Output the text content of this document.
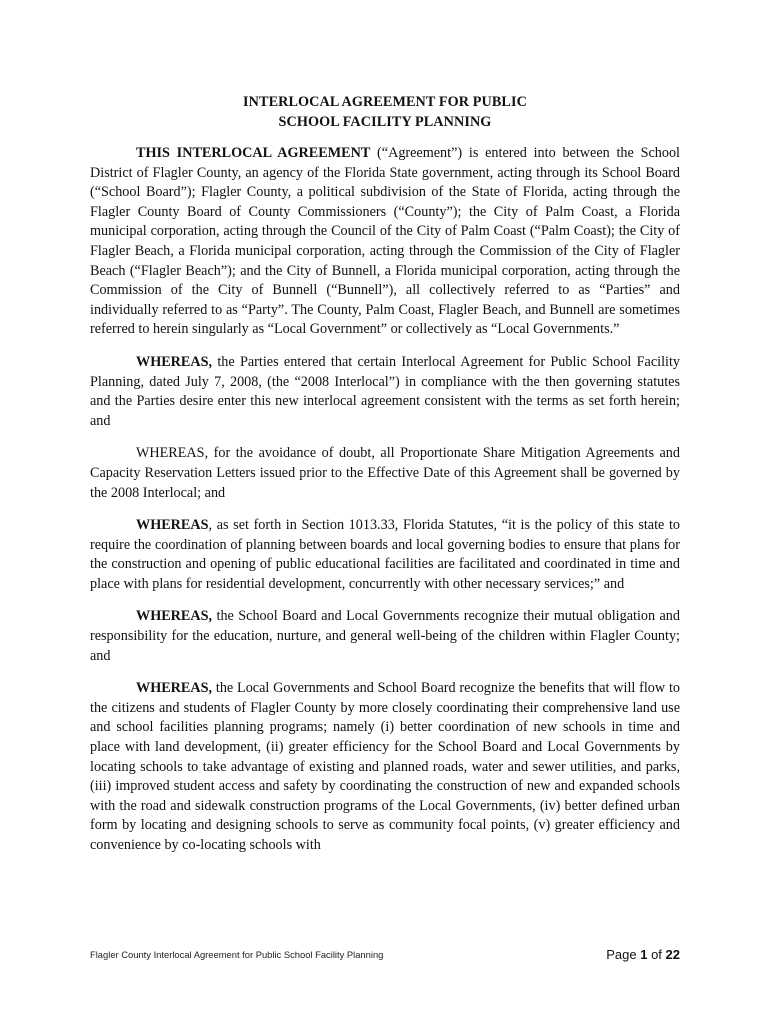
INTERLOCAL AGREEMENT FOR PUBLIC
SCHOOL FACILITY PLANNING

THIS INTERLOCAL AGREEMENT (“Agreement”) is entered into between the School District of Flagler County, an agency of the Florida State government, acting through its School Board (“School Board”); Flagler County, a political subdivision of the State of Florida, acting through the Flagler County Board of County Commissioners (“County”); the City of Palm Coast, a Florida municipal corporation, acting through the Council of the City of Palm Coast (“Palm Coast); the City of Flagler Beach, a Florida municipal corporation, acting through the Commission of the City of Flagler Beach (“Flagler Beach”); and the City of Bunnell, a Florida municipal corporation, acting through the Commission of the City of Bunnell (“Bunnell”), all collectively referred to as “Parties” and individually referred to as “Party”. The County, Palm Coast, Flagler Beach, and Bunnell are sometimes referred to herein singularly as “Local Government” or collectively as “Local Governments.”

WHEREAS, the Parties entered that certain Interlocal Agreement for Public School Facility Planning, dated July 7, 2008, (the “2008 Interlocal”) in compliance with the then governing statutes and the Parties desire enter this new interlocal agreement consistent with the terms as set forth herein; and

WHEREAS, for the avoidance of doubt, all Proportionate Share Mitigation Agreements and Capacity Reservation Letters issued prior to the Effective Date of this Agreement shall be governed by the 2008 Interlocal; and

WHEREAS, as set forth in Section 1013.33, Florida Statutes, “it is the policy of this state to require the coordination of planning between boards and local governing bodies to ensure that plans for the construction and opening of public educational facilities are facilitated and coordinated in time and place with plans for residential development, concurrently with other necessary services;” and

WHEREAS, the School Board and Local Governments recognize their mutual obligation and responsibility for the education, nurture, and general well-being of the children within Flagler County; and

WHEREAS, the Local Governments and School Board recognize the benefits that will flow to the citizens and students of Flagler County by more closely coordinating their comprehensive land use and school facilities planning programs; namely (i) better coordination of new schools in time and place with land development, (ii) greater efficiency for the School Board and Local Governments by locating schools to take advantage of existing and planned roads, water and sewer utilities, and parks, (iii) improved student access and safety by coordinating the construction of new and expanded schools with the road and sidewalk construction programs of the Local Governments, (iv) better defined urban form by locating and designing schools to serve as community focal points, (v) greater efficiency and convenience by co-locating schools with

Flagler County Interlocal Agreement for Public School Facility Planning	Page 1 of 22
